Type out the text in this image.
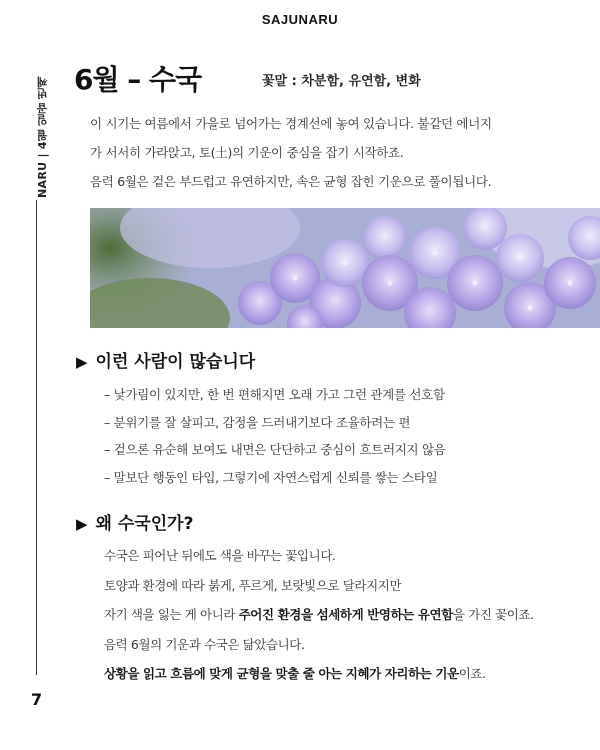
SAJUNARU
NARU | 4월 일곱 번째
7
6월 – 수국	꽃말 : 차분함, 유연함, 변화

이 시기는 여름에서 가을로 넘어가는 경계선에 놓여 있습니다. 불같던 에너지

가 서서히 가라앉고, 토(土)의 기운이 중심을 잡기 시작하죠.

음력 6월은 겉은 부드럽고 유연하지만, 속은 균형 잡힌 기운으로 풀이됩니다.

▶ 이런 사람이 많습니다
– 낯가림이 있지만, 한 번 편해지면 오래 가고 그런 관계를 선호함
– 분위기를 잘 살피고, 감정을 드러내기보다 조율하려는 편
– 겉으론 유순해 보여도 내면은 단단하고 중심이 흐트러지지 않음
– 말보단 행동인 타입, 그렇기에 자연스럽게 신뢰를 쌓는 스타일
▶ 왜 수국인가?

수국은 피어난 뒤에도 색을 바꾸는 꽃입니다.

토양과 환경에 따라 붉게, 푸르게, 보랏빛으로 달라지지만

자기 색을 잃는 게 아니라 주어진 환경을 섬세하게 반영하는 유연함을 가진 꽃이죠.

음력 6월의 기운과 수국은 닮았습니다.

상황을 읽고 흐름에 맞게 균형을 맞출 줄 아는 지혜가 자리하는 기운이죠.
